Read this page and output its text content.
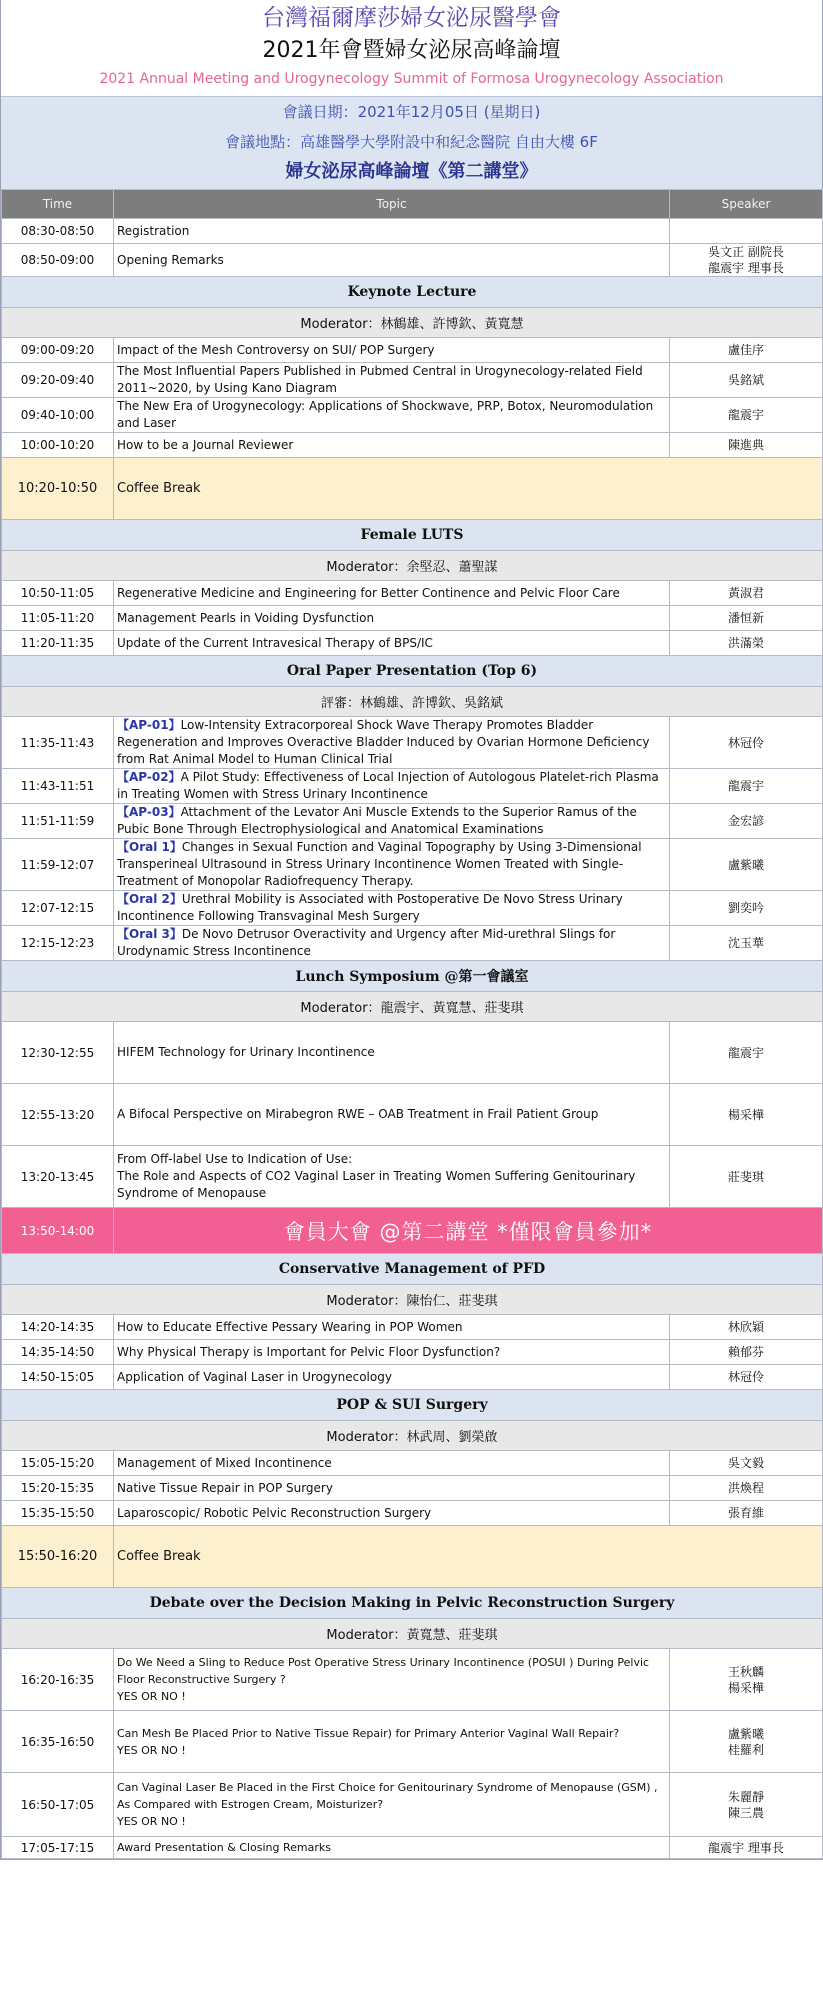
台灣福爾摩莎婦女泌尿醫學會
2021年會暨婦女泌尿高峰論壇
2021 Annual Meeting and Urogynecology Summit of Formosa Urogynecology Association
會議日期：2021年12月05日 (星期日)
會議地點：高雄醫學大學附設中和紀念醫院 自由大樓 6F
婦女泌尿高峰論壇《第二講堂》
Time	Topic	Speaker
08:30-08:50	Registration	
08:50-09:00	Opening Remarks	吳文正 副院長
龍震宇 理事長
Keynote Lecture		
Moderator：林鶴雄、許博欽、黃寬慧		
09:00-09:20	Impact of the Mesh Controversy on SUI/ POP Surgery	盧佳序
09:20-09:40	The Most Influential Papers Published in Pubmed Central in Urogynecology-related Field 2011~2020, by Using Kano Diagram	吳銘斌
09:40-10:00	The New Era of Urogynecology: Applications of Shockwave, PRP, Botox, Neuromodulation and Laser	龍震宇
10:00-10:20	How to be a Journal Reviewer	陳進典
10:20-10:50	Coffee Break	
Female LUTS		
Moderator：余堅忍、蕭聖謀		
10:50-11:05	Regenerative Medicine and Engineering for Better Continence and Pelvic Floor Care	黃淑君
11:05-11:20	Management Pearls in Voiding Dysfunction	潘恒新
11:20-11:35	Update of the Current Intravesical Therapy of BPS/IC	洪滿榮
Oral Paper Presentation (Top 6)		
評審：林鶴雄、許博欽、吳銘斌		
11:35-11:43	【AP-01】Low-Intensity Extracorporeal Shock Wave Therapy Promotes Bladder Regeneration and Improves Overactive Bladder Induced by Ovarian Hormone Deficiency from Rat Animal Model to Human Clinical Trial	林冠伶
11:43-11:51	【AP-02】A Pilot Study: Effectiveness of Local Injection of Autologous Platelet-rich Plasma in Treating Women with Stress Urinary Incontinence	龍震宇
11:51-11:59	【AP-03】Attachment of the Levator Ani Muscle Extends to the Superior Ramus of the Pubic Bone Through Electrophysiological and Anatomical Examinations	金宏諺
11:59-12:07	【Oral 1】Changes in Sexual Function and Vaginal Topography by Using 3-Dimensional Transperineal Ultrasound in Stress Urinary Incontinence Women Treated with Single-Treatment of Monopolar Radiofrequency Therapy.	盧紫曦
12:07-12:15	【Oral 2】Urethral Mobility is Associated with Postoperative De Novo Stress Urinary Incontinence Following Transvaginal Mesh Surgery	劉奕吟
12:15-12:23	【Oral 3】De Novo Detrusor Overactivity and Urgency after Mid-urethral Slings for Urodynamic Stress Incontinence	沈玉華
Lunch Symposium @第一會議室		
Moderator：龍震宇、黃寬慧、莊斐琪		
12:30-12:55	HIFEM Technology for Urinary Incontinence	龍震宇
12:55-13:20	A Bifocal Perspective on Mirabegron RWE – OAB Treatment in Frail Patient Group	楊采樺
13:20-13:45	From Off-label Use to Indication of Use:
The Role and Aspects of CO2 Vaginal Laser in Treating Women Suffering Genitourinary Syndrome of Menopause	莊斐琪
13:50-14:00	會員大會 @第二講堂 *僅限會員參加*	
Conservative Management of PFD		
Moderator：陳怡仁、莊斐琪		
14:20-14:35	How to Educate Effective Pessary Wearing in POP Women	林欣穎
14:35-14:50	Why Physical Therapy is Important for Pelvic Floor Dysfunction?	賴郁芬
14:50-15:05	Application of Vaginal Laser in Urogynecology	林冠伶
POP & SUI Surgery		
Moderator：林武周、劉榮啟		
15:05-15:20	Management of Mixed Incontinence	吳文毅
15:20-15:35	Native Tissue Repair in POP Surgery	洪煥程
15:35-15:50	Laparoscopic/ Robotic Pelvic Reconstruction Surgery	張育維
15:50-16:20	Coffee Break	
Debate over the Decision Making in Pelvic Reconstruction Surgery		
Moderator：黃寬慧、莊斐琪		
16:20-16:35	Do We Need a Sling to Reduce Post Operative Stress Urinary Incontinence (POSUI ) During Pelvic Floor Reconstructive Surgery ?
YES OR NO !	王秋麟
楊采樺
16:35-16:50	Can Mesh Be Placed Prior to Native Tissue Repair) for Primary Anterior Vaginal Wall Repair?
YES OR NO !	盧紫曦
桂羅利
16:50-17:05	Can Vaginal Laser Be Placed in the First Choice for Genitourinary Syndrome of Menopause (GSM) , As Compared with Estrogen Cream, Moisturizer?
YES OR NO !	朱麗靜
陳三農
17:05-17:15	Award Presentation & Closing Remarks	龍震宇 理事長
